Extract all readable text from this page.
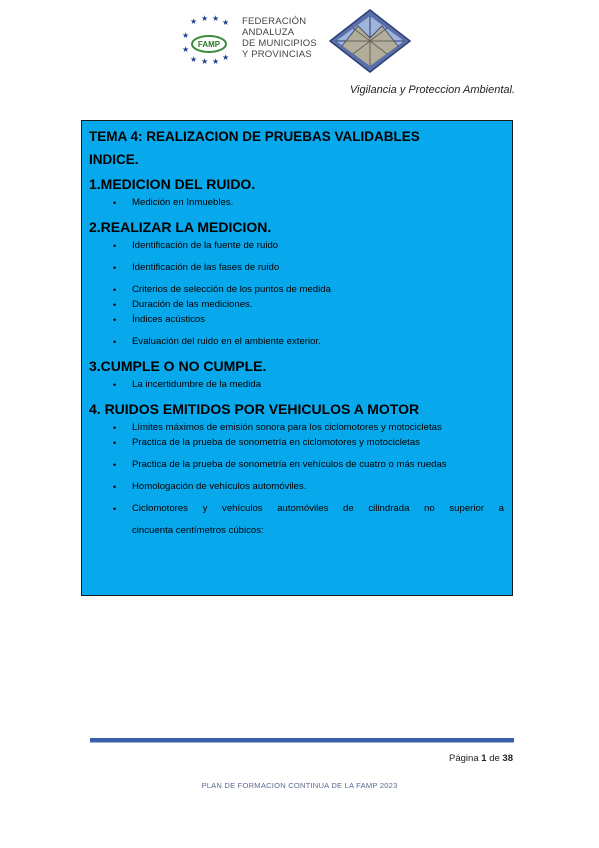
★ ★ ★ ★
★
★
★ ★ ★ ★
FAMP
FEDERACIÓN
ANDALUZA
DE MUNICIPIOS
Y PROVINCIAS
Vigilancia y Proteccion Ambiental.
TEMA 4: REALIZACION DE PRUEBAS VALIDABLES
INDICE.
1.MEDICION DEL RUIDO.
• Medición en Inmuebles.
2.REALIZAR LA MEDICION.
• Identificación de la fuente de ruido
• Identificación de las fases de ruido
• Criterios de selección de los puntos de medida
• Duración de las mediciones.
• Índices acústicos
• Evaluación del ruido en el ambiente exterior.
3.CUMPLE O NO CUMPLE.
• La incertidumbre de la medida
4. RUIDOS EMITIDOS POR VEHICULOS A MOTOR
• Límites máximos de emisión sonora para los ciclomotores y motocicletas
• Practica de la prueba de sonometría en ciclomotores y motocicletas
• Practica de la prueba de sonometría en vehículos de cuatro o más ruedas
• Homologación de vehículos automóviles.
• Ciclomotores y vehículos automóviles de cilindrada no superior a
cincuenta centímetros cúbicos:
Página 1 de 38
PLAN DE FORMACION CONTINUA DE LA FAMP 2023
